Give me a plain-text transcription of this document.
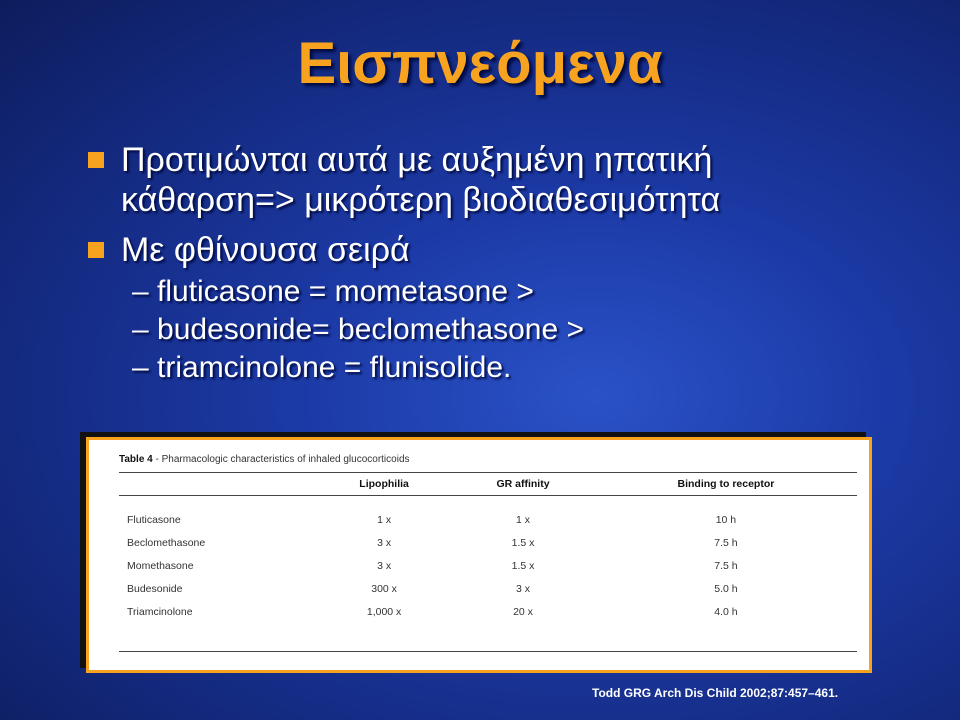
Εισπνεόμενα
Προτιμώνται αυτά με αυξημένη ηπατική
κάθαρση=> μικρότερη βιοδιαθεσιμότητα
Με φθίνουσα σειρά
– fluticasone = mometasone >
– budesonide= beclomethasone >
– triamcinolone = flunisolide.
Table 4 - Pharmacologic characteristics of inhaled glucocorticoids
	Lipophilia	GR affinity	Binding to receptor
Fluticasone	1 x	1 x	10 h
Beclomethasone	3 x	1.5 x	7.5 h
Momethasone	3 x	1.5 x	7.5 h
Budesonide	300 x	3 x	5.0 h
Triamcinolone	1,000 x	20 x	4.0 h
Todd GRG Arch Dis Child 2002;87:457–461.
